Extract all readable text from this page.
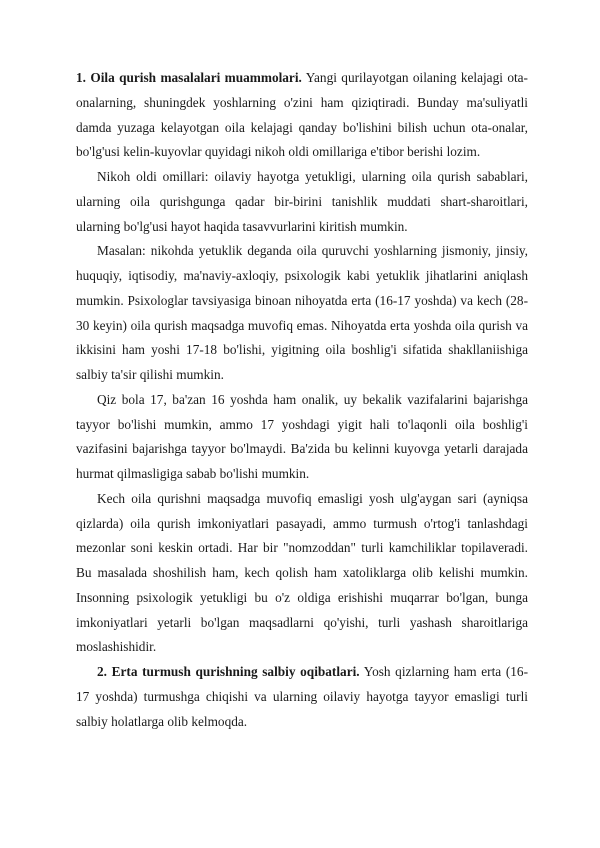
1. Oila qurish masalalari muammolari. Yangi qurilayotgan oilaning kelajagi ota-onalarning, shuningdek yoshlarning o'zini ham qiziqtiradi. Bunday ma'suliyatli damda yuzaga kelayotgan oila kelajagi qanday bo'lishini bilish uchun ota-onalar, bo'lg'usi kelin-kuyovlar quyidagi nikoh oldi omillariga e'tibor berishi lozim.

Nikoh oldi omillari: oilaviy hayotga yetukligi, ularning oila qurish sabablari, ularning oila qurishgunga qadar bir-birini tanishlik muddati shart-sharoitlari, ularning bo'lg'usi hayot haqida tasavvurlarini kiritish mumkin.

Masalan: nikohda yetuklik deganda oila quruvchi yoshlarning jismoniy, jinsiy, huquqiy, iqtisodiy, ma'naviy-axloqiy, psixologik kabi yetuklik jihatlarini aniqlash mumkin. Psixologlar tavsiyasiga binoan nihoyatda erta (16-17 yoshda) va kech (28-30 keyin) oila qurish maqsadga muvofiq emas. Nihoyatda erta yoshda oila qurish va ikkisini ham yoshi 17-18 bo'lishi, yigitning oila boshlig'i sifatida shakllaniishiga salbiy ta'sir qilishi mumkin.

Qiz bola 17, ba'zan 16 yoshda ham onalik, uy bekalik vazifalarini bajarishga tayyor bo'lishi mumkin, ammo 17 yoshdagi yigit hali to'laqonli oila boshlig'i vazifasini bajarishga tayyor bo'lmaydi. Ba'zida bu kelinni kuyovga yetarli darajada hurmat qilmasligiga sabab bo'lishi mumkin.

Kech oila qurishni maqsadga muvofiq emasligi yosh ulg'aygan sari (ayniqsa qizlarda) oila qurish imkoniyatlari pasayadi, ammo turmush o'rtog'i tanlashdagi mezonlar soni keskin ortadi. Har bir "nomzoddan" turli kamchiliklar topilaveradi. Bu masalada shoshilish ham, kech qolish ham xatoliklarga olib kelishi mumkin. Insonning psixologik yetukligi bu o'z oldiga erishishi muqarrar bo'lgan, bunga imkoniyatlari yetarli bo'lgan maqsadlarni qo'yishi, turli yashash sharoitlariga moslashishidir.

2. Erta turmush qurishning salbiy oqibatlari. Yosh qizlarning ham erta (16-17 yoshda) turmushga chiqishi va ularning oilaviy hayotga tayyor emasligi turli salbiy holatlarga olib kelmoqda.
